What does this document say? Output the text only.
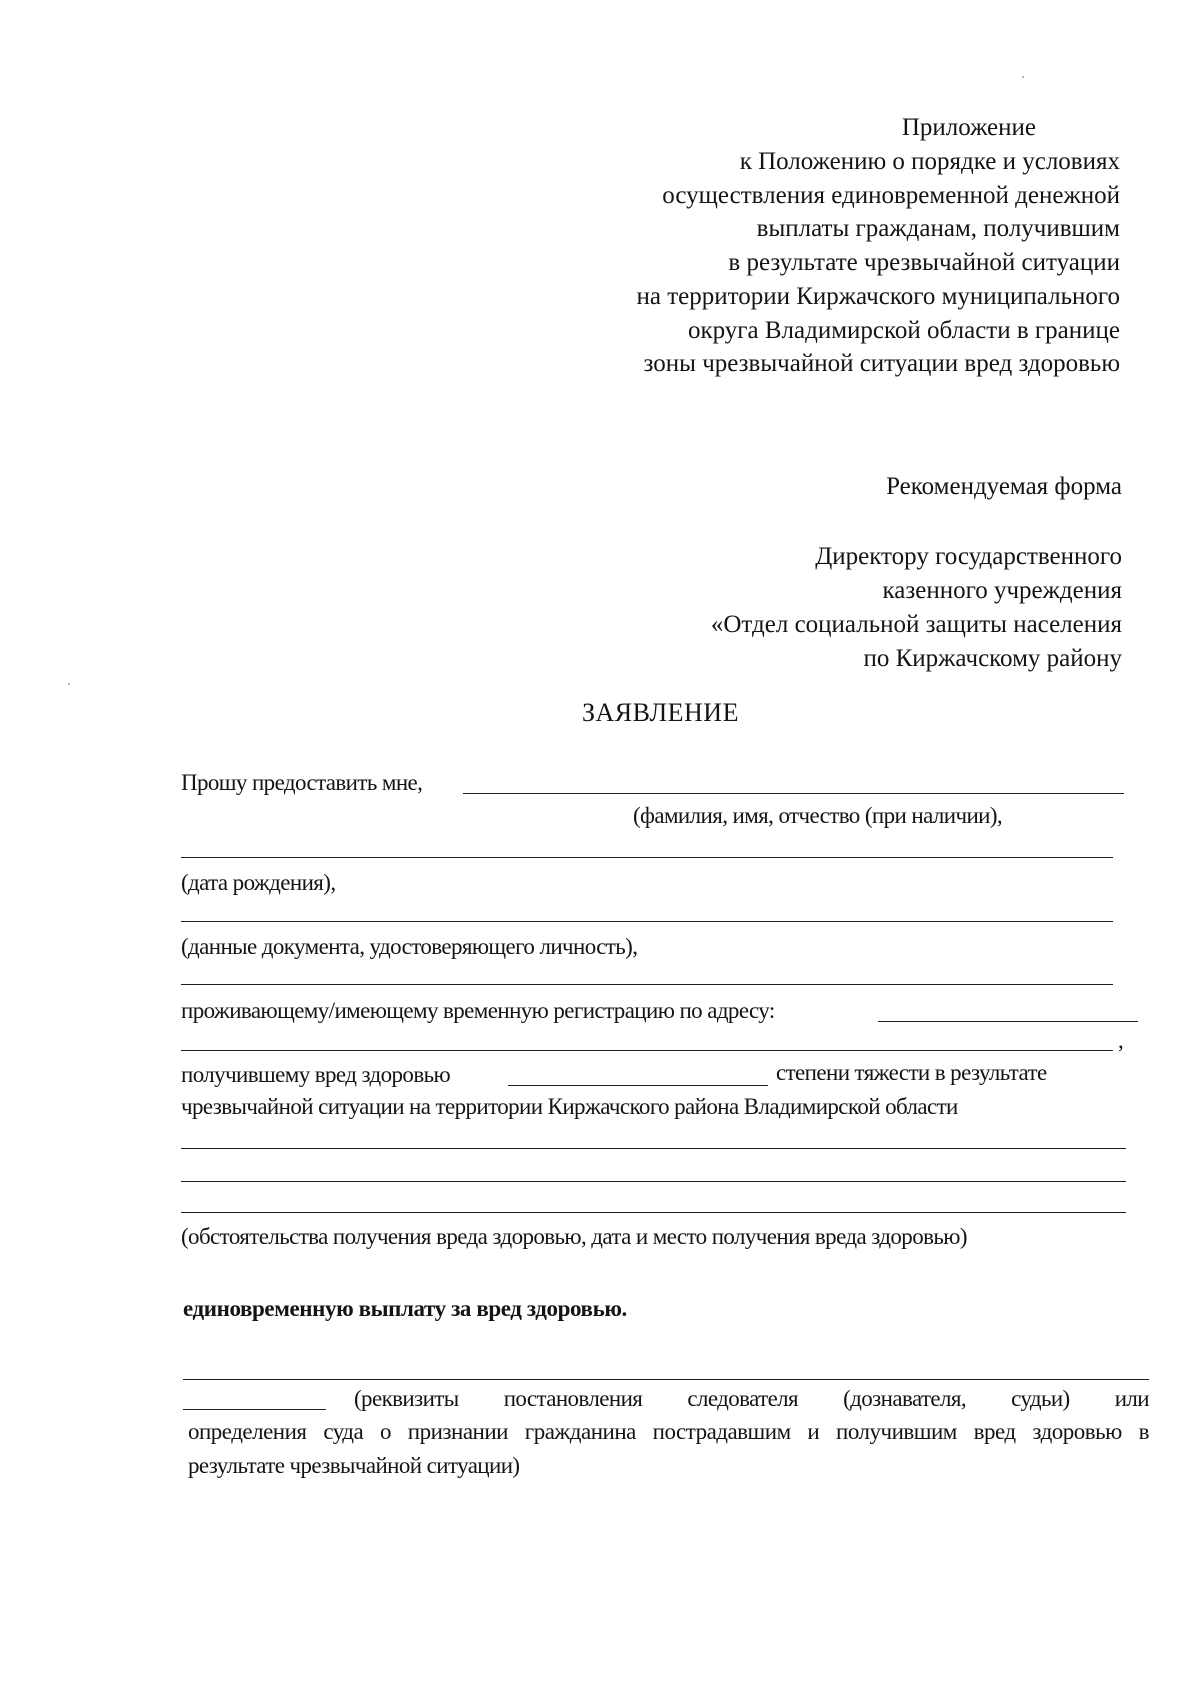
Приложение
к Положению о порядке и условиях
осуществления единовременной денежной
выплаты гражданам, получившим
в результате чрезвычайной ситуации
на территории Киржачского муниципального
округа Владимирской области в границе
зоны чрезвычайной ситуации вред здоровью
Рекомендуемая форма
Директору государственного
казенного учреждения
«Отдел социальной защиты населения
по Киржачскому району
ЗАЯВЛЕНИЕ
Прошу предоставить мне,
(фамилия, имя, отчество (при наличии),
(дата рождения),
(данные документа, удостоверяющего личность),
проживающему/имеющему временную регистрацию по адресу:
,
получившему вред здоровью	степени тяжести в результате
чрезвычайной ситуации на территории Киржачского района Владимирской области
(обстоятельства получения вреда здоровью, дата и место получения вреда здоровью)
единовременную выплату за вред здоровью.
(реквизиты постановления следователя (дознавателя, судьи) или
определения суда о признании гражданина пострадавшим и получившим вред здоровью в
результате чрезвычайной ситуации)
